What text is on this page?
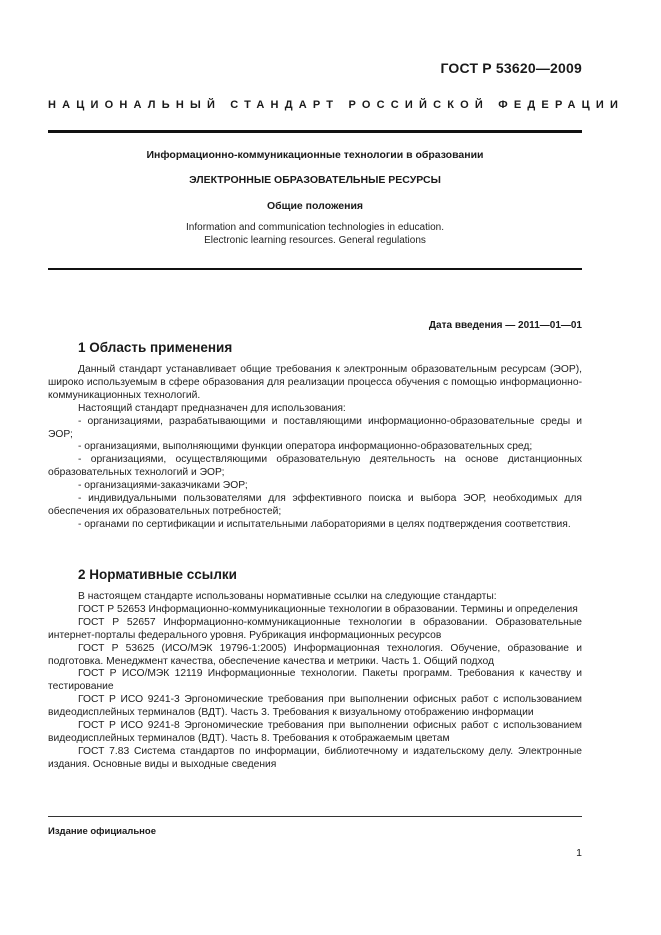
ГОСТ Р 53620—2009
НАЦИОНАЛЬНЫЙ СТАНДАРТ РОССИЙСКОЙ ФЕДЕРАЦИИ
Информационно-коммуникационные технологии в образовании
ЭЛЕКТРОННЫЕ ОБРАЗОВАТЕЛЬНЫЕ РЕСУРСЫ
Общие положения
Information and communication technologies in education.
Electronic learning resources. General regulations
Дата введения — 2011—01—01
1 Область применения

Данный стандарт устанавливает общие требования к электронным образовательным ресурсам (ЭОР), широко используемым в сфере образования для реализации процесса обучения с помощью информационно-коммуникационных технологий.

Настоящий стандарт предназначен для использования:

- организациями, разрабатывающими и поставляющими информационно-образовательные среды и ЭОР;

- организациями, выполняющими функции оператора информационно-образовательных сред;

- организациями, осуществляющими образовательную деятельность на основе дистанционных образовательных технологий и ЭОР;

- организациями-заказчиками ЭОР;

- индивидуальными пользователями для эффективного поиска и выбора ЭОР, необходимых для обеспечения их образовательных потребностей;

- органами по сертификации и испытательными лабораториями в целях подтверждения соответствия.

2 Нормативные ссылки

В настоящем стандарте использованы нормативные ссылки на следующие стандарты:

ГОСТ Р 52653 Информационно-коммуникационные технологии в образовании. Термины и определения

ГОСТ Р 52657 Информационно-коммуникационные технологии в образовании. Образовательные интернет-порталы федерального уровня. Рубрикация информационных ресурсов

ГОСТ Р 53625 (ИСО/МЭК 19796-1:2005) Информационная технология. Обучение, образование и подготовка. Менеджмент качества, обеспечение качества и метрики. Часть 1. Общий подход

ГОСТ Р ИСО/МЭК 12119 Информационные технологии. Пакеты программ. Требования к качеству и тестирование

ГОСТ Р ИСО 9241-3 Эргономические требования при выполнении офисных работ с использованием видеодисплейных терминалов (ВДТ). Часть 3. Требования к визуальному отображению информации

ГОСТ Р ИСО 9241-8 Эргономические требования при выполнении офисных работ с использованием видеодисплейных терминалов (ВДТ). Часть 8. Требования к отображаемым цветам

ГОСТ 7.83 Система стандартов по информации, библиотечному и издательскому делу. Электронные издания. Основные виды и выходные сведения

Издание официальное
1
